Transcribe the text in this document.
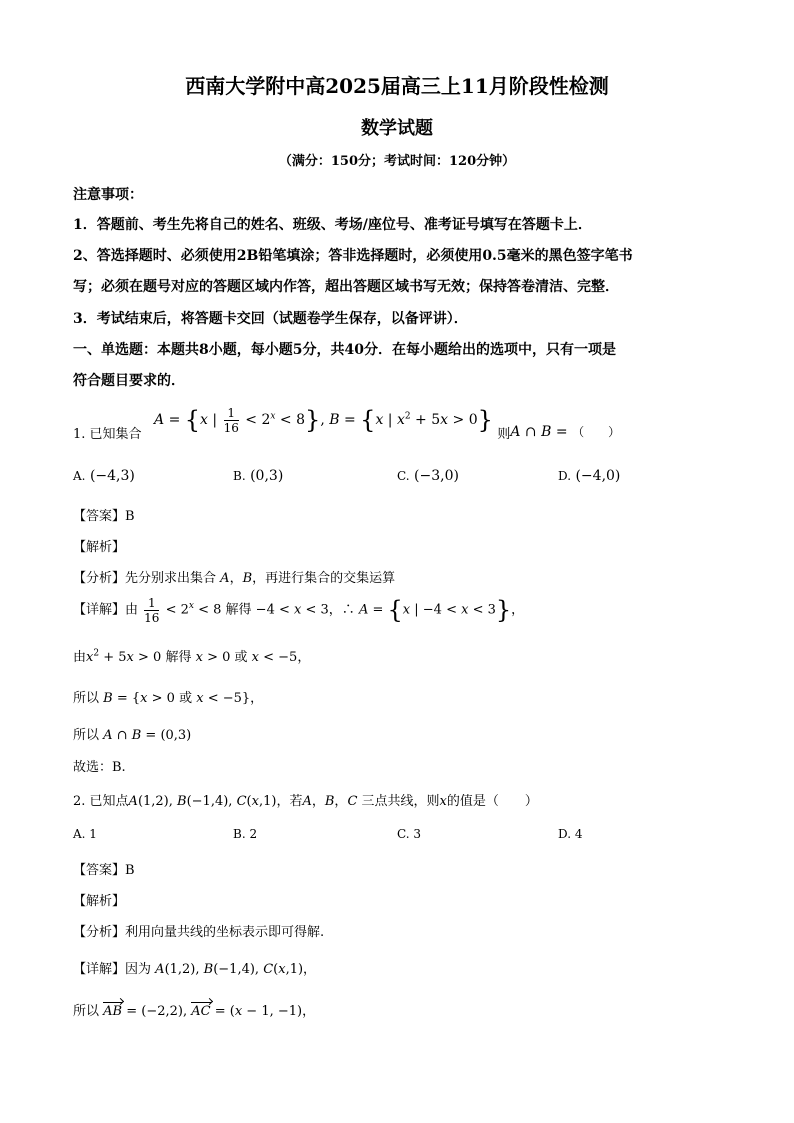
西南大学附中高2025届高三上11月阶段性检测
数学试题
（满分：150分；考试时间：120分钟）
注意事项：
1．答题前、考生先将自己的姓名、班级、考场/座位号、准考证号填写在答题卡上．
2、答选择题时、必须使用2B铅笔填涂；答非选择题时，必须使用0.5毫米的黑色签字笔书
写；必须在题号对应的答题区域内作答，超出答题区域书写无效；保持答卷清洁、完整．
3．考试结束后，将答题卡交回（试题卷学生保存，以备评讲）．
一、单选题：本题共8小题，每小题5分，共40分．在每小题给出的选项中，只有一项是
符合题目要求的．
1. 已知集合 A = {x | $\frac{1}{16} < 2^x < 8$}, B = {x | $x^2 + 5x > 0$} 则A ∩ B = （　　）
A. (−4,3)	B. (0,3)	C. (−3,0)	D. (−4,0)
【答案】B
【解析】
【分析】先分别求出集合 A，B，再进行集合的交集运算
【详解】由 $\frac{1}{16} < 2^x < 8$ 解得 −4 < x < 3，∴ A = {x | −4 < x < 3}，
由$x^2 + 5x > 0$ 解得 x > 0 或 x < −5，
所以 B = {x > 0 或 x < −5}，
所以 A ∩ B = (0,3)
故选：B.
2. 已知点A(1,2), B(−1,4), C(x,1)，若A，B，C 三点共线，则x的值是（　　）
A. 1	B. 2	C. 3	D. 4
【答案】B
【解析】
【分析】利用向量共线的坐标表示即可得解.
【详解】因为 A(1,2), B(−1,4), C(x,1)，
所以 AB = (−2,2), AC = (x − 1, −1)，
